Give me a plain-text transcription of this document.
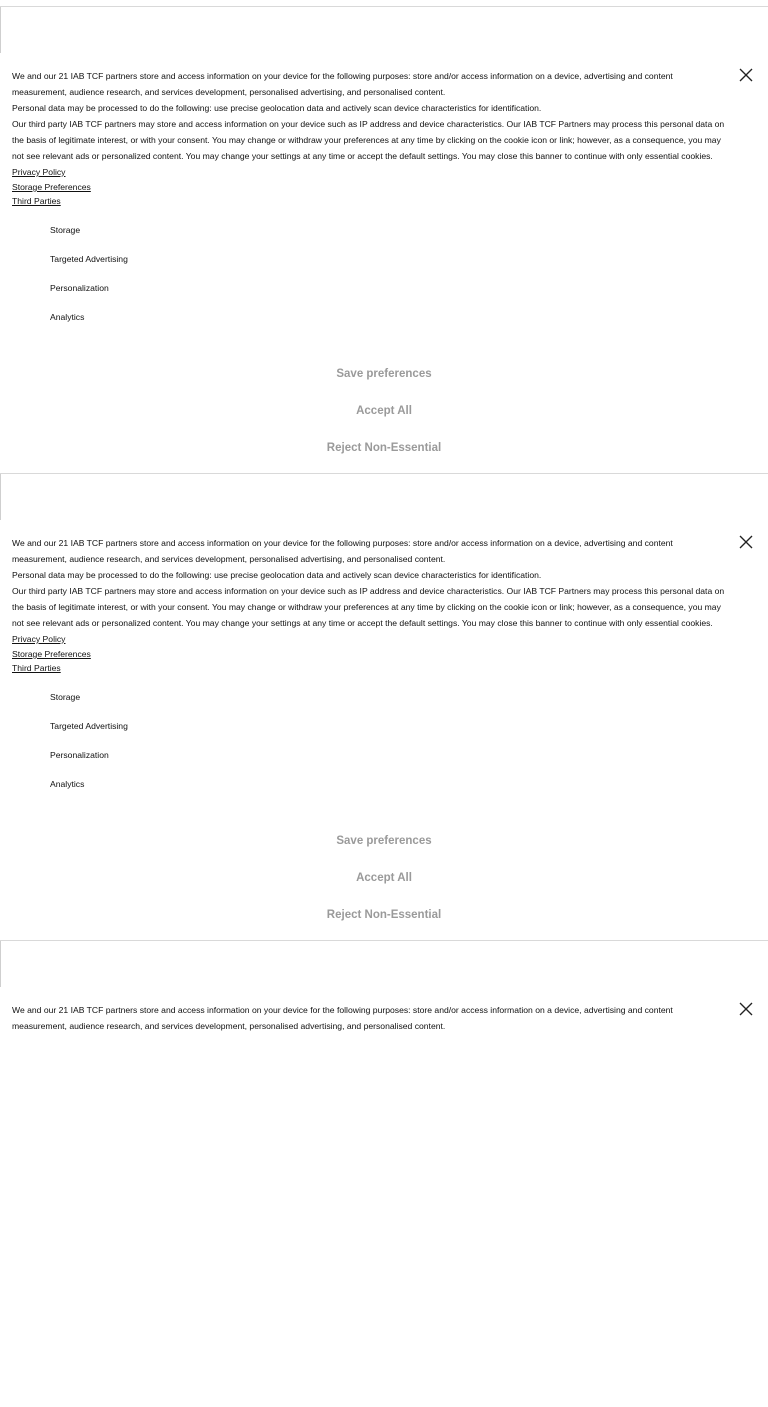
We and our 21 IAB TCF partners store and access information on your device for the following purposes: store and/or access information on a device, advertising and content measurement, audience research, and services development, personalised advertising, and personalised content.

Personal data may be processed to do the following: use precise geolocation data and actively scan device characteristics for identification.

Our third party IAB TCF partners may store and access information on your device such as IP address and device characteristics. Our IAB TCF Partners may process this personal data on the basis of legitimate interest, or with your consent. You may change or withdraw your preferences at any time by clicking on the cookie icon or link; however, as a consequence, you may not see relevant ads or personalized content. You may change your settings at any time or accept the default settings. You may close this banner to continue with only essential cookies. Privacy Policy

Storage Preferences
Third Parties
Storage
Targeted Advertising
Personalization
Analytics
Save preferences
Accept All
Reject Non-Essential

We and our 21 IAB TCF partners store and access information on your device for the following purposes: store and/or access information on a device, advertising and content measurement, audience research, and services development, personalised advertising, and personalised content.

Personal data may be processed to do the following: use precise geolocation data and actively scan device characteristics for identification.

Our third party IAB TCF partners may store and access information on your device such as IP address and device characteristics. Our IAB TCF Partners may process this personal data on the basis of legitimate interest, or with your consent. You may change or withdraw your preferences at any time by clicking on the cookie icon or link; however, as a consequence, you may not see relevant ads or personalized content. You may change your settings at any time or accept the default settings. You may close this banner to continue with only essential cookies. Privacy Policy

Storage Preferences
Third Parties
Storage
Targeted Advertising
Personalization
Analytics
Save preferences
Accept All
Reject Non-Essential

We and our 21 IAB TCF partners store and access information on your device for the following purposes: store and/or access information on a device, advertising and content measurement, audience research, and services development, personalised advertising, and personalised content.
